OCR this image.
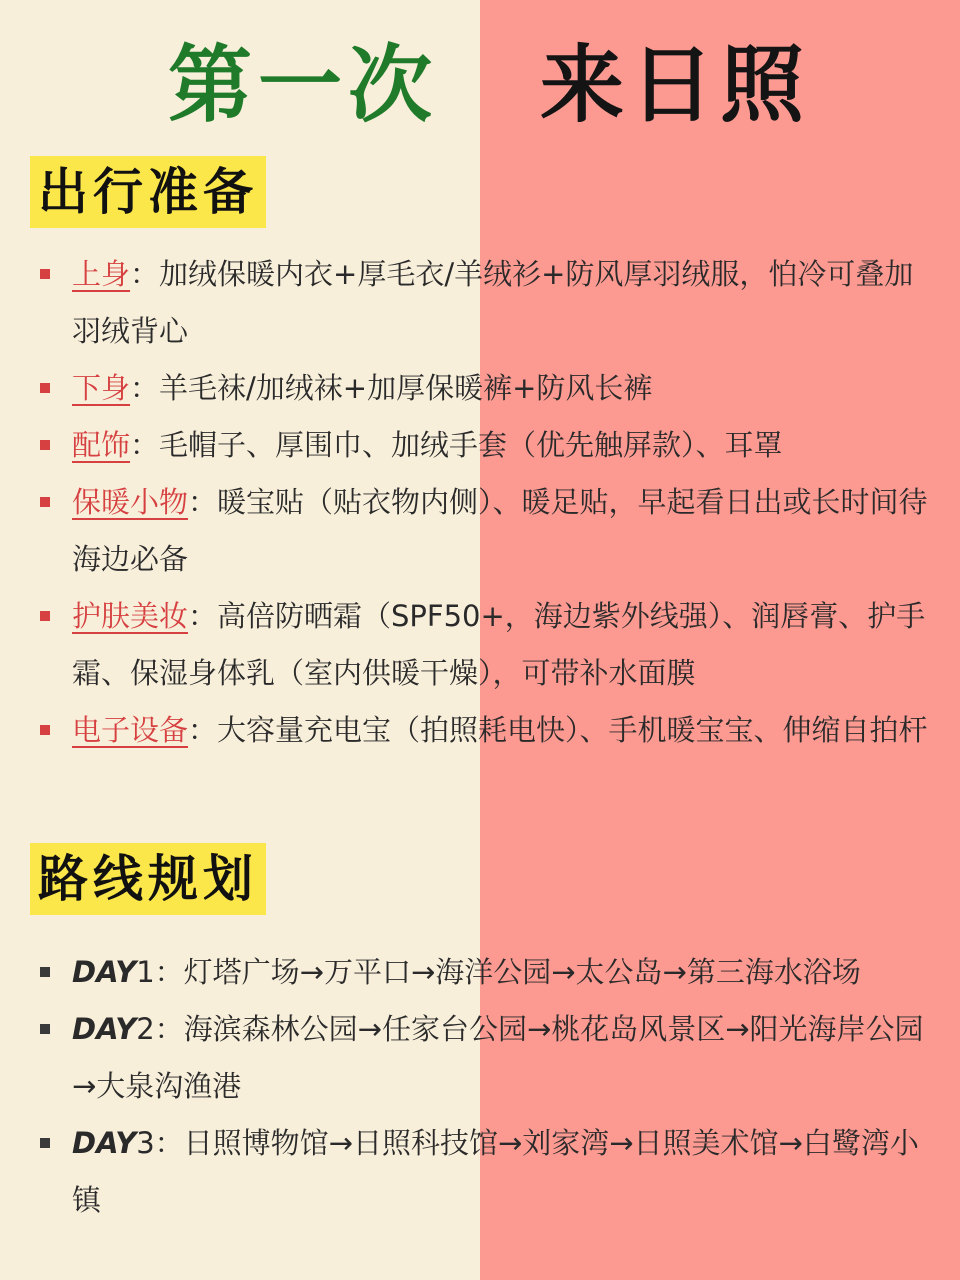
第一次 来日照
出行准备
上身：加绒保暖内衣+厚毛衣/羊绒衫+防风厚羽绒服，怕冷可叠加羽绒背心
下身：羊毛袜/加绒袜+加厚保暖裤+防风长裤
配饰：毛帽子、厚围巾、加绒手套（优先触屏款）、耳罩
保暖小物：暖宝贴（贴衣物内侧）、暖足贴，早起看日出或长时间待海边必备
护肤美妆：高倍防晒霜（SPF50+，海边紫外线强）、润唇膏、护手霜、保湿身体乳（室内供暖干燥），可带补水面膜
电子设备：大容量充电宝（拍照耗电快）、手机暖宝宝、伸缩自拍杆
路线规划
DAY1：灯塔广场→万平口→海洋公园→太公岛→第三海水浴场
DAY2：海滨森林公园→任家台公园→桃花岛风景区→阳光海岸公园→大泉沟渔港
DAY3：日照博物馆→日照科技馆→刘家湾→日照美术馆→白鹭湾小镇
